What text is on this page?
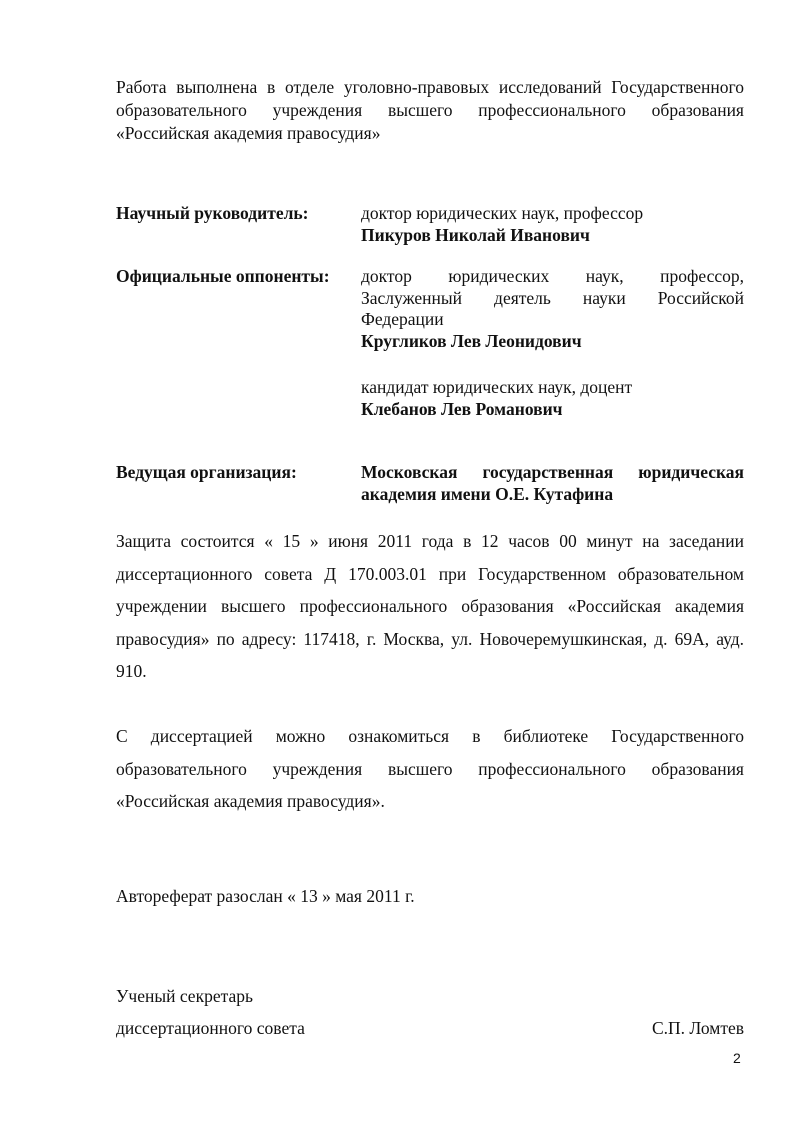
Работа выполнена в отделе уголовно-правовых исследований Государственного образовательного учреждения высшего профессионального образования «Российская академия правосудия»
Научный руководитель:	доктор юридических наук, профессор
Пикуров Николай Иванович
Официальные оппоненты: доктор юридических наук, профессор, Заслуженный деятель науки Российской Федерации
Кругликов Лев Леонидович
кандидат юридических наук, доцент
Клебанов Лев Романович
Ведущая организация:	Московская государственная юридическая академия имени О.Е. Кутафина
Защита состоится « 15 » июня 2011 года в 12 часов 00 минут на заседании диссертационного совета Д 170.003.01 при Государственном образовательном учреждении высшего профессионального образования «Российская академия правосудия» по адресу: 117418, г. Москва, ул. Новочеремушкинская, д. 69А, ауд. 910.
С диссертацией можно ознакомиться в библиотеке Государственного образовательного учреждения высшего профессионального образования «Российская академия правосудия».
Автореферат разослан « 13 » мая 2011 г.
Ученый секретарь
диссертационного совета	С.П. Ломтев
2
